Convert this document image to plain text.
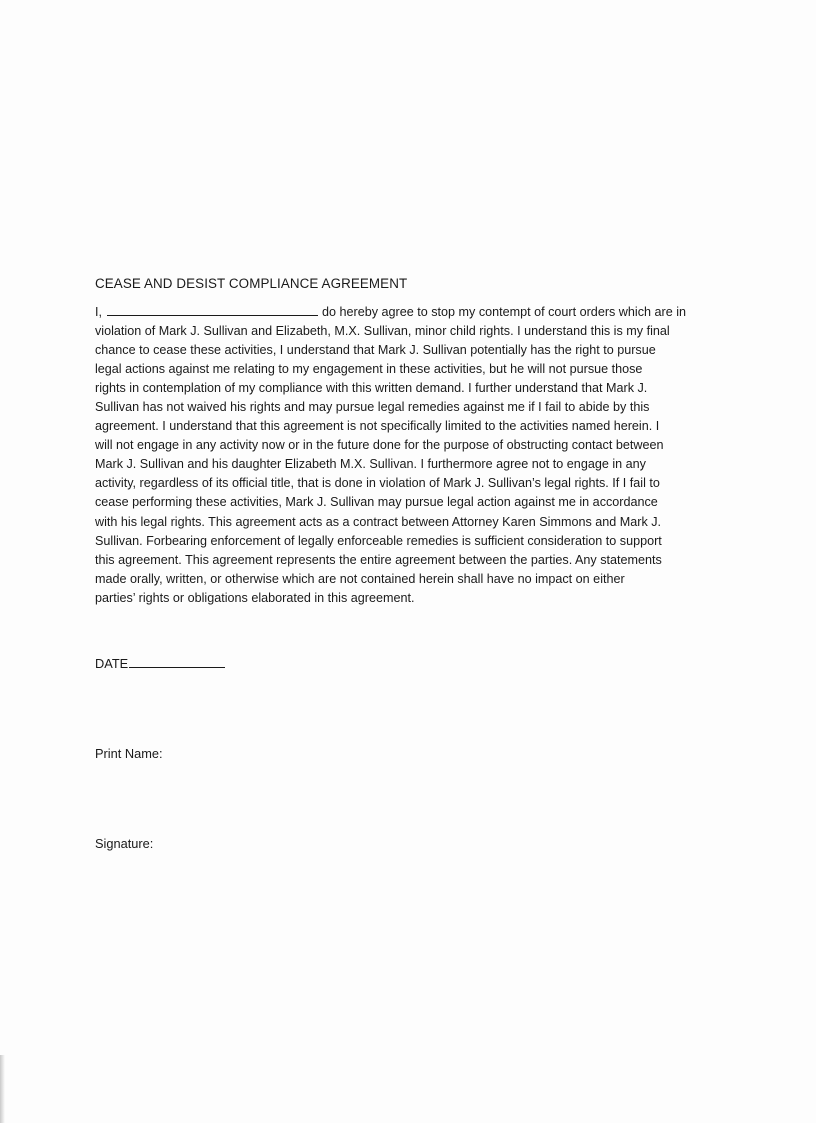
CEASE AND DESIST COMPLIANCE AGREEMENT
I,	do hereby agree to stop my contempt of court orders which are in
violation of Mark J. Sullivan and Elizabeth, M.X. Sullivan, minor child rights. I understand this is my final
chance to cease these activities, I understand that Mark J. Sullivan potentially has the right to pursue
legal actions against me relating to my engagement in these activities, but he will not pursue those
rights in contemplation of my compliance with this written demand. I further understand that Mark J.
Sullivan has not waived his rights and may pursue legal remedies against me if I fail to abide by this
agreement. I understand that this agreement is not specifically limited to the activities named herein. I
will not engage in any activity now or in the future done for the purpose of obstructing contact between
Mark J. Sullivan and his daughter Elizabeth M.X. Sullivan. I furthermore agree not to engage in any
activity, regardless of its official title, that is done in violation of Mark J. Sullivan’s legal rights. If I fail to
cease performing these activities, Mark J. Sullivan may pursue legal action against me in accordance
with his legal rights. This agreement acts as a contract between Attorney Karen Simmons and Mark J.
Sullivan. Forbearing enforcement of legally enforceable remedies is sufficient consideration to support
this agreement. This agreement represents the entire agreement between the parties. Any statements
made orally, written, or otherwise which are not contained herein shall have no impact on either
parties’ rights or obligations elaborated in this agreement.
DATE
Print Name:
Signature:
